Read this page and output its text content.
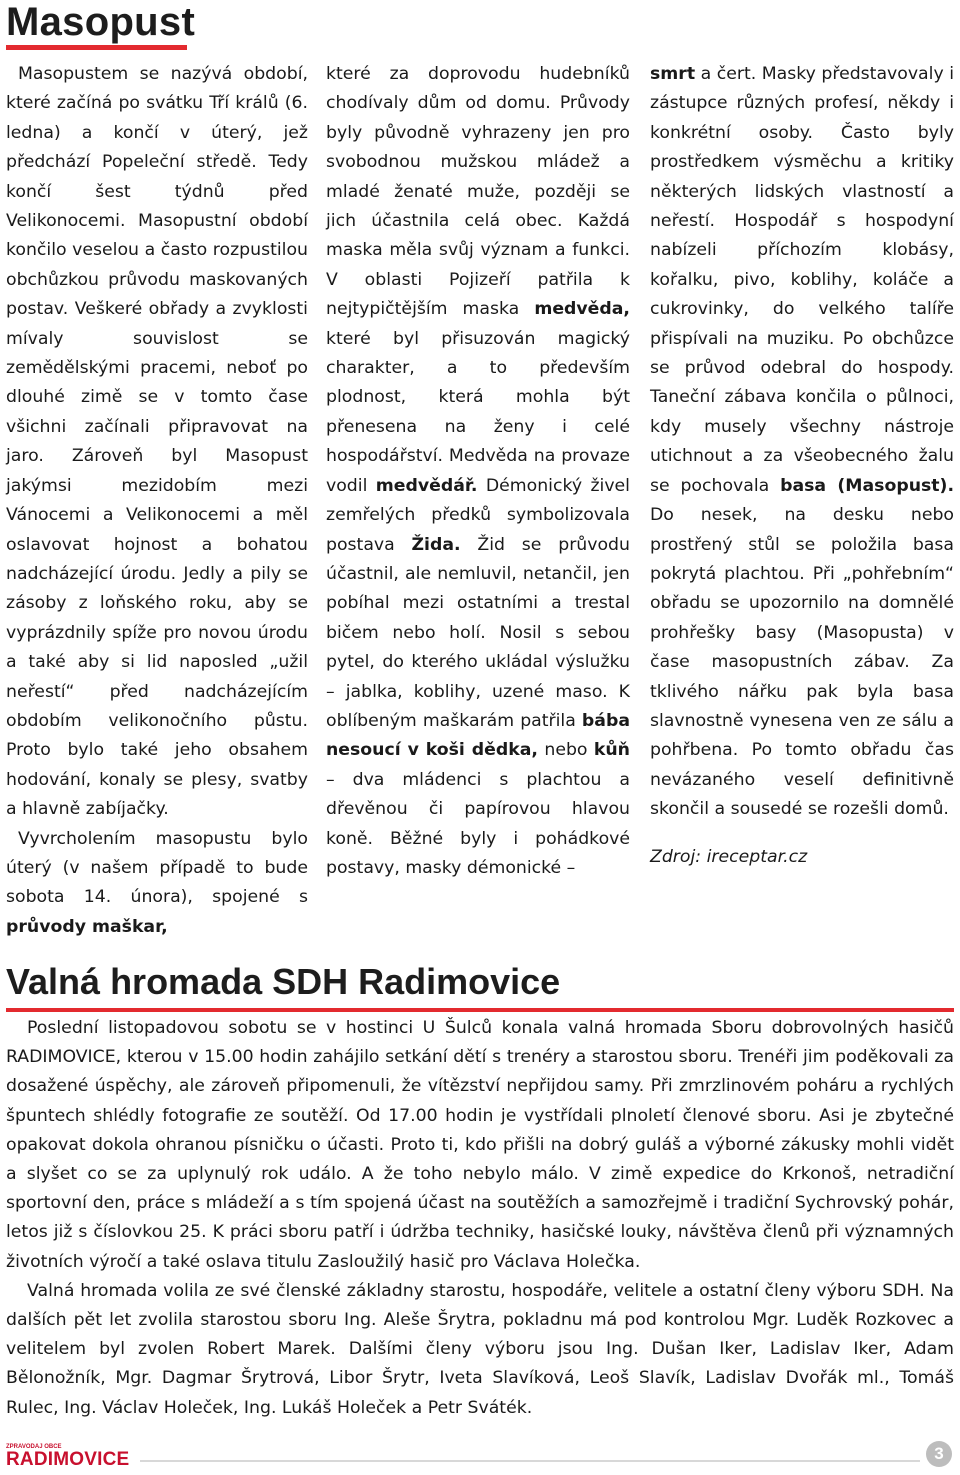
Masopust

Masopustem se nazývá období, které začíná po svátku Tří králů (6. ledna) a končí v úterý, jež předchází Popeleční středě. Tedy končí šest týdnů před Velikonocemi. Masopustní období končilo veselou a často rozpustilou obchůzkou průvodu maskovaných postav. Veškeré obřady a zvyklosti mívaly souvislost se zemědělskými pracemi, neboť po dlouhé zimě se v tomto čase všichni začínali připravovat na jaro. Zároveň byl Masopust jakýmsi mezidobím mezi Vánocemi a Velikonocemi a měl oslavovat hojnost a bohatou nadcházející úrodu. Jedly a pily se zásoby z loňského roku, aby se vyprázdnily spíže pro novou úrodu a také aby si lid naposled „užil neřestí“ před nadcházejícím obdobím velikonočního půstu. Proto bylo také jeho obsahem hodování, konaly se plesy, svatby a hlavně zabíjačky.

Vyvrcholením masopustu bylo úterý (v našem případě to bude sobota 14. února), spojené s průvody maškar,

které za doprovodu hudebníků chodívaly dům od domu. Průvody byly původně vyhrazeny jen pro svobodnou mužskou mládež a mladé ženaté muže, později se jich účastnila celá obec. Každá maska měla svůj význam a funkci. V oblasti Pojizeří patřila k nejtypičtějším maska medvěda, které byl přisuzován magický charakter, a to především plodnost, která mohla být přenesena na ženy i celé hospodářství. Medvěda na provaze vodil medvědář. Démonický živel zemřelých předků symbolizovala postava Žida. Žid se průvodu účastnil, ale nemluvil, netančil, jen pobíhal mezi ostatními a trestal bičem nebo holí. Nosil s sebou pytel, do kterého ukládal výslužku – jablka, koblihy, uzené maso. K oblíbeným maškarám patřila bába nesoucí v koši dědka, nebo kůň – dva mládenci s plachtou a dřevěnou či papírovou hlavou koně. Běžné byly i pohádkové postavy, masky démonické –

smrt a čert. Masky představovaly i zástupce různých profesí, někdy i konkrétní osoby. Často byly prostředkem výsměchu a kritiky některých lidských vlastností a neřestí. Hospodář s hospodyní nabízeli příchozím klobásy, kořalku, pivo, koblihy, koláče a cukrovinky, do velkého talíře přispívali na muziku. Po obchůzce se průvod odebral do hospody. Taneční zábava končila o půlnoci, kdy musely všechny nástroje utichnout a za všeobecného žalu se pochovala basa (Masopust). Do nesek, na desku nebo prostřený stůl se položila basa pokrytá plachtou. Při „pohřebním“ obřadu se upozornilo na domnělé prohřešky basy (Masopusta) v čase masopustních zábav. Za tklivého nářku pak byla basa slavnostně vynesena ven ze sálu a pohřbena. Po tomto obřadu čas nevázaného veselí definitivně skončil a sousedé se rozešli domů.

Zdroj: ireceptar.cz

Valná hromada SDH Radimovice

Poslední listopadovou sobotu se v hostinci U Šulců konala valná hromada Sboru dobrovolných hasičů RADIMOVICE, kterou v 15.00 hodin zahájilo setkání dětí s trenéry a starostou sboru. Trenéři jim poděkovali za dosažené úspěchy, ale zároveň připomenuli, že vítězství nepřijdou samy. Při zmrzlinovém poháru a rychlých špuntech shlédly fotografie ze soutěží. Od 17.00 hodin je vystřídali plnoletí členové sboru. Asi je zbytečné opakovat dokola ohranou písničku o účasti. Proto ti, kdo přišli na dobrý guláš a výborné zákusky mohli vidět a slyšet co se za uplynulý rok událo. A že toho nebylo málo. V zimě expedice do Krkonoš, netradiční sportovní den, práce s mládeží a s tím spojená účast na soutěžích a samozřejmě i tradiční Sychrovský pohár, letos již s číslovkou 25. K práci sboru patří i údržba techniky, hasičské louky, návštěva členů při významných životních výročí a také oslava titulu Zasloužilý hasič pro Václava Holečka.

Valná hromada volila ze své členské základny starostu, hospodáře, velitele a ostatní členy výboru SDH. Na dalších pět let zvolila starostou sboru Ing. Aleše Šrytra, pokladnu má pod kontrolou Mgr. Luděk Rozkovec a velitelem byl zvolen Robert Marek. Dalšími členy výboru jsou Ing. Dušan Iker, Ladislav Iker, Adam Bělonožník, Mgr. Dagmar Šrytrová, Libor Šrytr, Iveta Slavíková, Leoš Slavík, Ladislav Dvořák ml., Tomáš Rulec, Ing. Václav Holeček, Ing. Lukáš Holeček a Petr Sváték.

ZPRAVODAJ OBCE
RADIMOVICE	3
